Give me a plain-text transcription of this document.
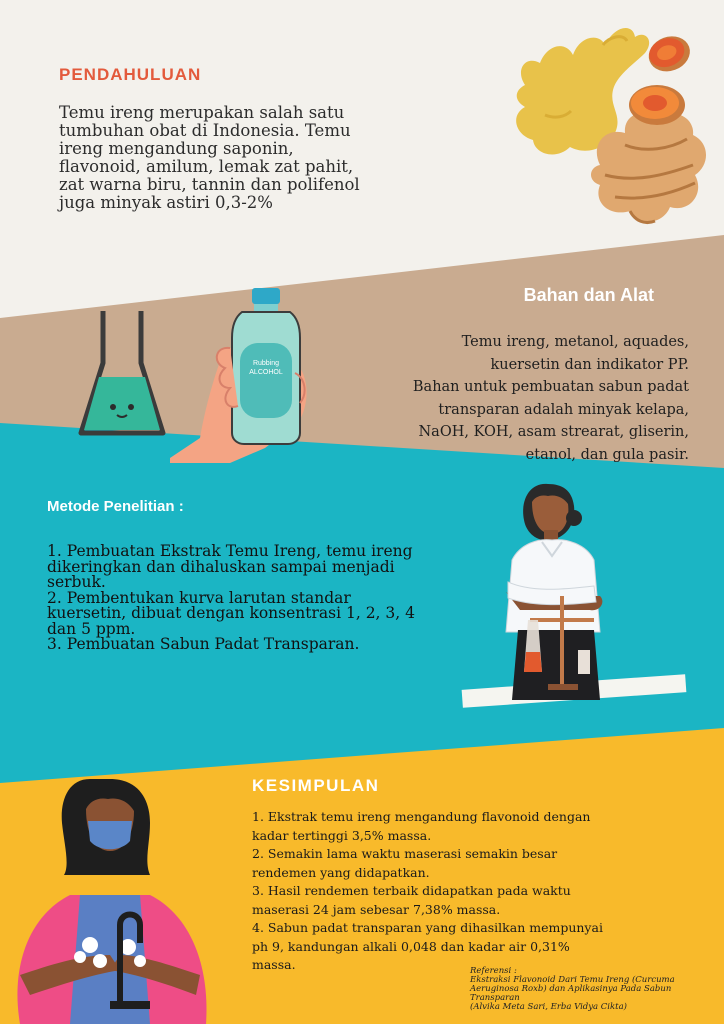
Rubbing
ALCOHOL
PENDAHULUAN
Temu ireng merupakan salah satu
tumbuhan obat di Indonesia. Temu
ireng mengandung saponin,
flavonoid, amilum, lemak zat pahit,
zat warna biru, tannin dan polifenol
juga minyak astiri 0,3-2%
Bahan dan Alat
Temu ireng, metanol, aquades,
kuersetin dan indikator PP.
Bahan untuk pembuatan sabun padat
transparan adalah minyak kelapa,
NaOH, KOH, asam strearat, gliserin,
etanol, dan gula pasir.
Metode Penelitian :
1. Pembuatan Ekstrak Temu Ireng, temu ireng
dikeringkan dan dihaluskan sampai menjadi
serbuk.
2. Pembentukan kurva larutan standar
kuersetin, dibuat dengan konsentrasi 1, 2, 3, 4
dan 5 ppm.
3. Pembuatan Sabun Padat Transparan.
KESIMPULAN
1. Ekstrak temu ireng mengandung flavonoid dengan
kadar tertinggi 3,5% massa.
2. Semakin lama waktu maserasi semakin besar
rendemen yang didapatkan.
3. Hasil rendemen terbaik didapatkan pada waktu
maserasi 24 jam sebesar 7,38% massa.
4. Sabun padat transparan yang dihasilkan mempunyai
ph 9, kandungan alkali 0,048 dan kadar air 0,31%
massa.	Referensi :
Ekstraksi Flavonoid Dari Temu Ireng (Curcuma
Aeruginosa Roxb) dan Aplikasinya Pada Sabun
Transparan
(Alvika Meta Sari, Erba Vidya Cikta)
